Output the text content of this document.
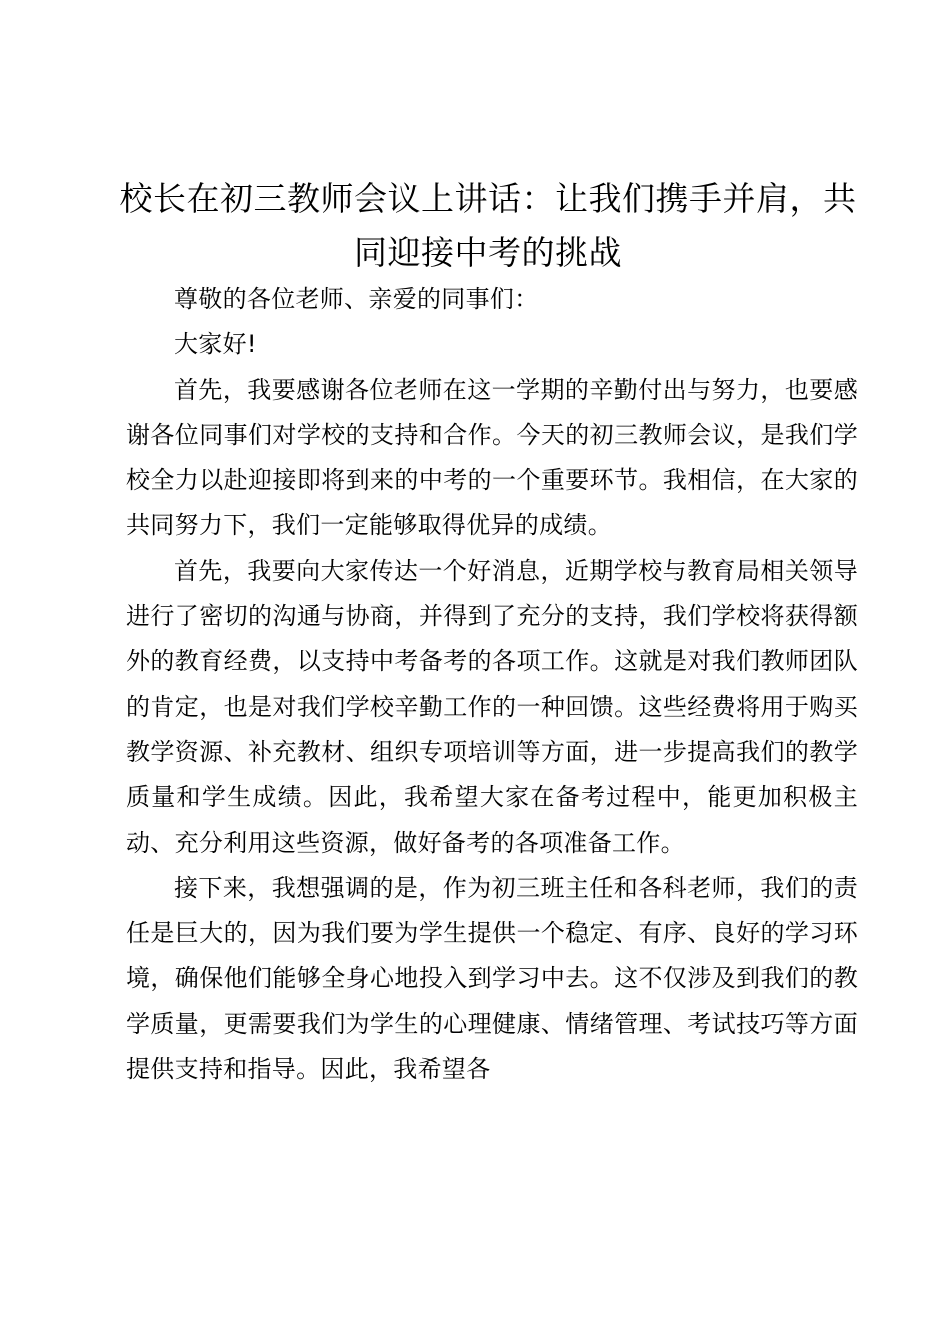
校长在初三教师会议上讲话：让我们携手并肩，共同迎接中考的挑战

尊敬的各位老师、亲爱的同事们：

大家好!

首先，我要感谢各位老师在这一学期的辛勤付出与努力，也要感谢各位同事们对学校的支持和合作。今天的初三教师会议，是我们学校全力以赴迎接即将到来的中考的一个重要环节。我相信，在大家的共同努力下，我们一定能够取得优异的成绩。

首先，我要向大家传达一个好消息，近期学校与教育局相关领导进行了密切的沟通与协商，并得到了充分的支持，我们学校将获得额外的教育经费，以支持中考备考的各项工作。这就是对我们教师团队的肯定，也是对我们学校辛勤工作的一种回馈。这些经费将用于购买教学资源、补充教材、组织专项培训等方面，进一步提高我们的教学质量和学生成绩。因此，我希望大家在备考过程中，能更加积极主动、充分利用这些资源，做好备考的各项准备工作。

接下来，我想强调的是，作为初三班主任和各科老师，我们的责任是巨大的，因为我们要为学生提供一个稳定、有序、良好的学习环境，确保他们能够全身心地投入到学习中去。这不仅涉及到我们的教学质量，更需要我们为学生的心理健康、情绪管理、考试技巧等方面提供支持和指导。因此，我希望各
